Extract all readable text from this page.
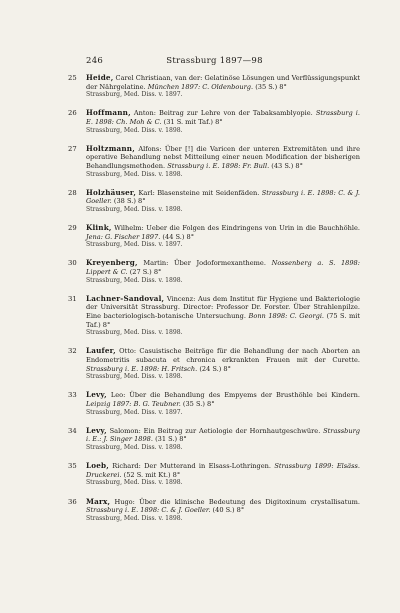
246	Strassburg 1897—98
25	Heide, Carel Christiaan, van der: Gelatinöse Lösungen und Verflüssigungspunkt der Nährgelatine. München 1897: C. Oldenbourg. (35 S.) 8°
Strassburg, Med. Diss. v. 1897.
26	Hoffmann, Anton: Beitrag zur Lehre von der Tabaksamblyopie. Strassburg i. E. 1898: Ch. Moh & C. (31 S. mit Taf.) 8°
Strassburg, Med. Diss. v. 1898.
27	Holtzmann, Alfons: Über [!] die Varicen der unteren Extremitäten und ihre operative Behandlung nebst Mitteilung einer neuen Modification der bisherigen Behandlungsmethoden. Strassburg i. E. 1898: Fr. Bull. (43 S.) 8°
Strassburg, Med. Diss. v. 1898.
28	Holzhäuser, Karl: Blasensteine mit Seidenfäden. Strassburg i. E. 1898: C. & J. Goeller. (38 S.) 8°
Strassburg, Med. Diss. v. 1898.
29	Klink, Wilhelm: Ueber die Folgen des Eindringens von Urin in die Bauchhöhle. Jena: G. Fischer 1897. (44 S.) 8°
Strassburg, Med. Diss. v. 1897.
30	Kreyenberg, Martin: Über Jodoformexantheme. Nossenberg a. S. 1898: Lippert & C. (27 S.) 8°
Strassburg, Med. Diss. v. 1898.
31	Lachner-Sandoval, Vincenz: Aus dem Institut für Hygiene und Bakteriologie der Universität Strassburg. Director: Professor Dr. Forster. Über Strahlenpilze. Eine bacteriologisch-botanische Untersuchung. Bonn 1898: C. Georgi. (75 S. mit Taf.) 8°
Strassburg, Med. Diss. v. 1898.
32	Laufer, Otto: Casuistische Beiträge für die Behandlung der nach Aborten an Endometritis subacuta et chronica erkrankten Frauen mit der Curette. Strassburg i. E. 1898: H. Fritsch. (24 S.) 8°
Strassburg, Med. Diss. v. 1898.
33	Levy, Leo: Über die Behandlung des Empyems der Brusthöhle bei Kindern. Leipzig 1897: B. G. Teubner. (35 S.) 8°
Strassburg, Med. Diss. v. 1897.
34	Levy, Salomon: Ein Beitrag zur Aetiologie der Hornhautgeschwüre. Strassburg i. E.: J. Singer 1898. (31 S.) 8°
Strassburg, Med. Diss. v. 1898.
35	Loeb, Richard: Der Mutterand in Elsass-Lothringen. Strassburg 1899: Elsäss. Druckerei. (52 S. mit Kt.) 8°
Strassburg, Med. Diss. v. 1898.
36	Marx, Hugo: Über die klinische Bedeutung des Digitoxinum crystallisatum. Strassburg i. E. 1898: C. & J. Goeller. (40 S.) 8°
Strassburg, Med. Diss. v. 1898.
